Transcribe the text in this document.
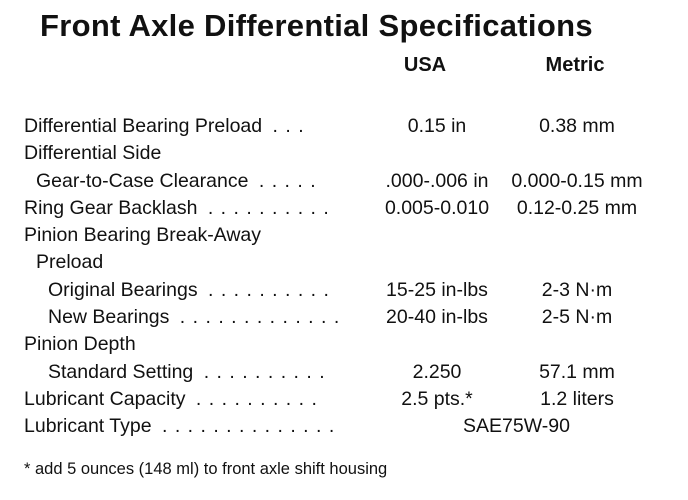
Front Axle Differential Specifications
USA	Metric
Differential Bearing Preload . . .	0.15 in	0.38 mm
Differential Side
Gear-to-Case Clearance . . . . .	.000-.006 in	0.000-0.15 mm
Ring Gear Backlash . . . . . . . . . .	0.005-0.010	0.12-0.25 mm
Pinion Bearing Break-Away
Preload
Original Bearings . . . . . . . . . .	15-25 in-lbs	2-3 N·m
New Bearings . . . . . . . . . . . . .	20-40 in-lbs	2-5 N·m
Pinion Depth
Standard Setting . . . . . . . . . .	2.250	57.1 mm
Lubricant Capacity . . . . . . . . . .	2.5 pts.*	1.2 liters
Lubricant Type . . . . . . . . . . . . . .	SAE75W-90
* add 5 ounces (148 ml) to front axle shift housing
